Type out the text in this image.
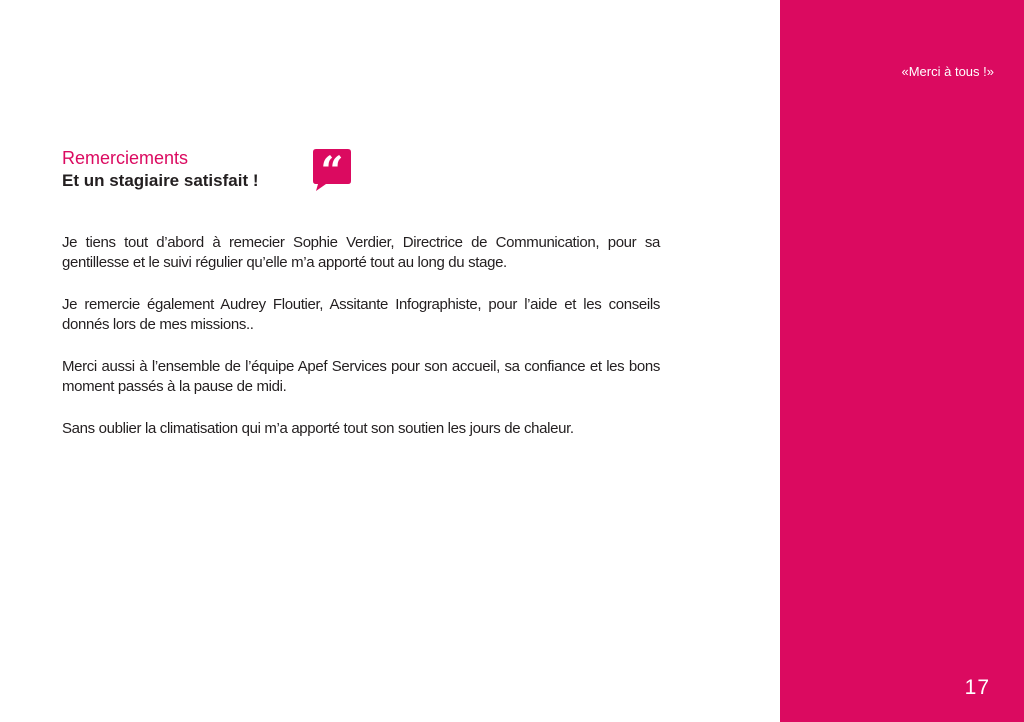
«Merci à tous !»
17
Remerciements
Et un stagiaire satisfait ! “

Je tiens tout d’abord à remecier Sophie Verdier, Directrice de Communication, pour sa gentillesse et le suivi régulier qu’elle m’a apporté tout au long du stage.

Je remercie également Audrey Floutier, Assitante Infographiste, pour l’aide et les conseils donnés lors de mes missions..

Merci aussi à l’ensemble de l’équipe Apef Services pour son accueil, sa confiance et les bons moment passés à la pause de midi.

Sans oublier la climatisation qui m’a apporté tout son soutien les jours de chaleur.
